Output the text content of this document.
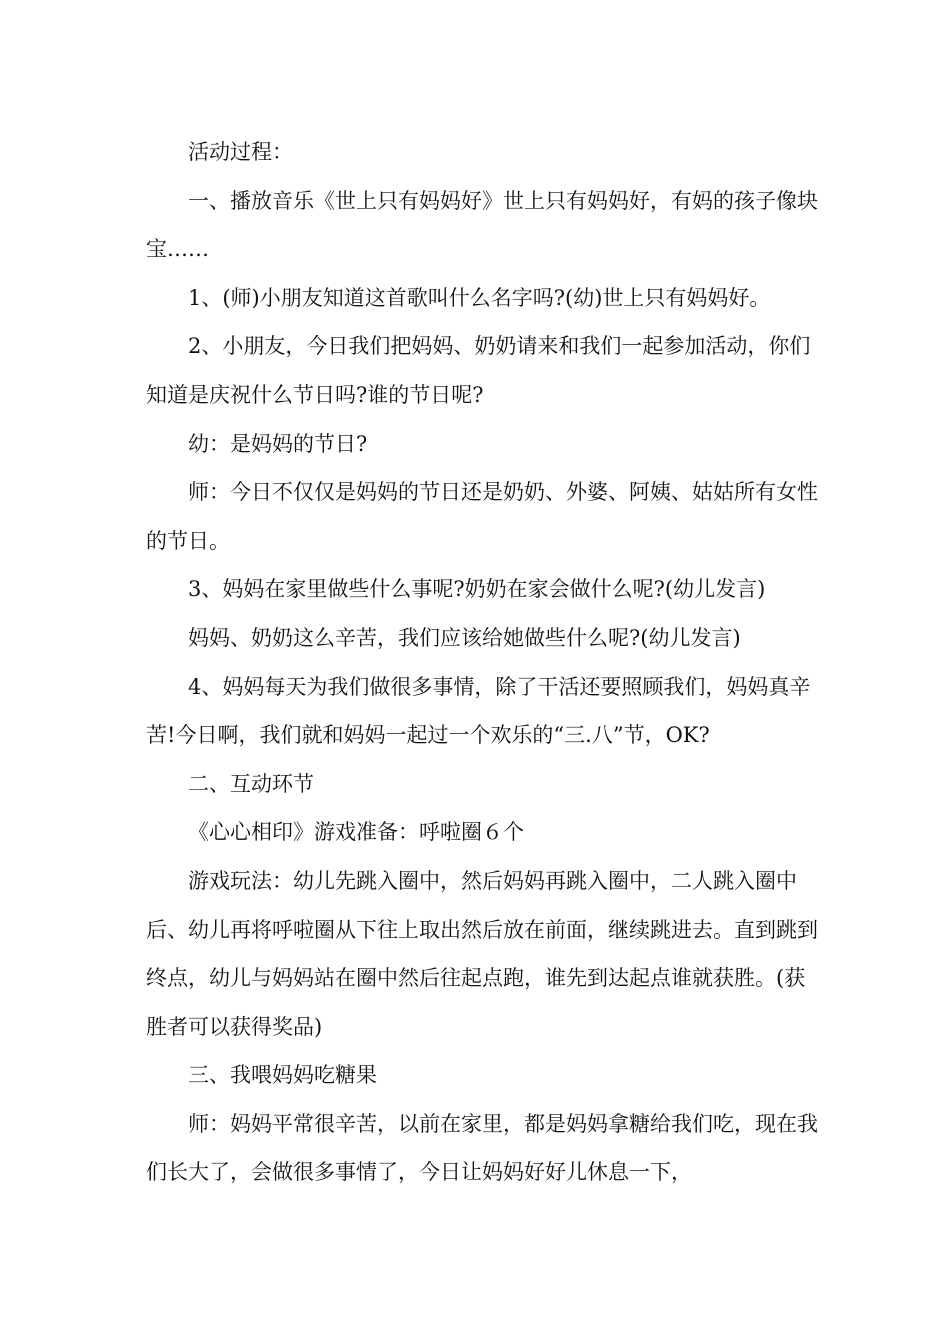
活动过程：

一、播放音乐《世上只有妈妈好》世上只有妈妈好，有妈的孩子像块宝……

1、(师)小朋友知道这首歌叫什么名字吗?(幼)世上只有妈妈好。

2、小朋友，今日我们把妈妈、奶奶请来和我们一起参加活动，你们知道是庆祝什么节日吗?谁的节日呢?

幼：是妈妈的节日?

师：今日不仅仅是妈妈的节日还是奶奶、外婆、阿姨、姑姑所有女性的节日。

3、妈妈在家里做些什么事呢?奶奶在家会做什么呢?(幼儿发言)

妈妈、奶奶这么辛苦，我们应该给她做些什么呢?(幼儿发言)

4、妈妈每天为我们做很多事情，除了干活还要照顾我们，妈妈真辛苦!今日啊，我们就和妈妈一起过一个欢乐的“三.八”节，OK?

二、互动环节

《心心相印》游戏准备：呼啦圈６个

游戏玩法：幼儿先跳入圈中，然后妈妈再跳入圈中，二人跳入圈中后、幼儿再将呼啦圈从下往上取出然后放在前面，继续跳进去。直到跳到终点，幼儿与妈妈站在圈中然后往起点跑，谁先到达起点谁就获胜。(获胜者可以获得奖品)

三、我喂妈妈吃糖果

师：妈妈平常很辛苦，以前在家里，都是妈妈拿糖给我们吃，现在我们长大了，会做很多事情了，今日让妈妈好好儿休息一下，
